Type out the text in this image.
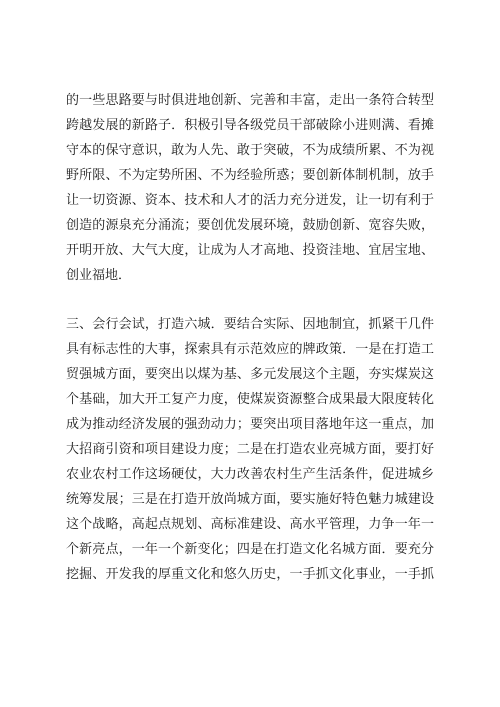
的一些思路要与时俱进地创新、完善和丰富，走出一条符合转型
跨越发展的新路子．积极引导各级党员干部破除小进则满、看摊
守本的保守意识，敢为人先、敢于突破，不为成绩所累、不为视
野所限、不为定势所困、不为经验所惑；要创新体制机制，放手
让一切资源、资本、技术和人才的活力充分迸发，让一切有利于
创造的源泉充分涌流；要创优发展环境，鼓励创新、宽容失败，
开明开放、大气大度，让成为人才高地、投资洼地、宜居宝地、
创业福地．
三、会行会试，打造六城．要结合实际、因地制宜，抓紧干几件
具有标志性的大事，探索具有示范效应的牌政策．一是在打造工
贸强城方面，要突出以煤为基、多元发展这个主题，夯实煤炭这
个基础，加大开工复产力度，使煤炭资源整合成果最大限度转化
成为推动经济发展的强劲动力；要突出项目落地年这一重点，加
大招商引资和项目建设力度；二是在打造农业亮城方面，要打好
农业农村工作这场硬仗，大力改善农村生产生活条件，促进城乡
统筹发展；三是在打造开放尚城方面，要实施好特色魅力城建设
这个战略，高起点规划、高标准建设、高水平管理，力争一年一
个新亮点，一年一个新变化；四是在打造文化名城方面．要充分
挖掘、开发我的厚重文化和悠久历史，一手抓文化事业，一手抓
